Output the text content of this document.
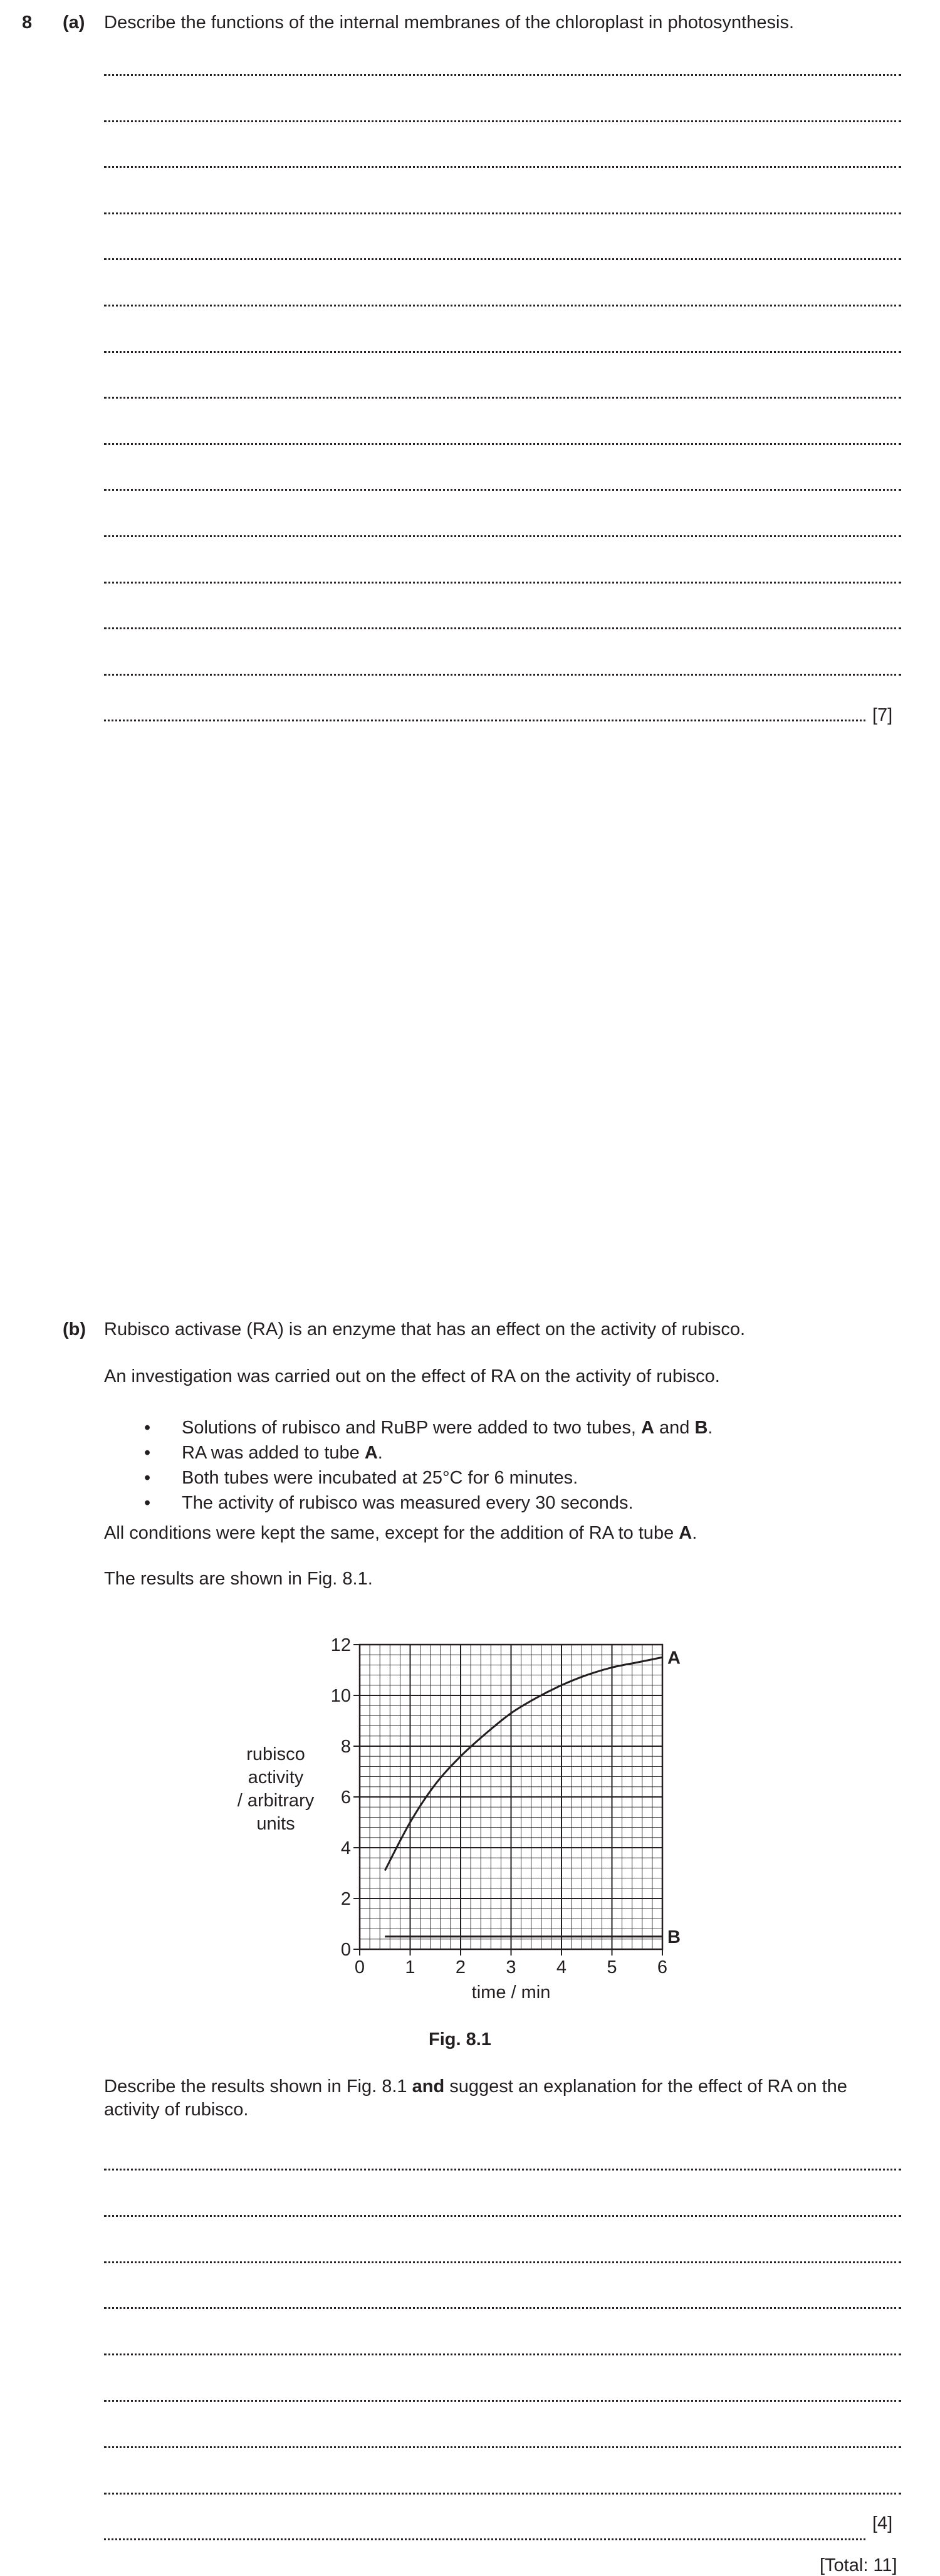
8 (a) Describe the functions of the internal membranes of the chloroplast in photosynthesis.
[7]
(b) Rubisco activase (RA) is an enzyme that has an effect on the activity of rubisco.
An investigation was carried out on the effect of RA on the activity of rubisco.
• Solutions of rubisco and RuBP were added to two tubes, A and B.
• RA was added to tube A.
• Both tubes were incubated at 25°C for 6 minutes.
• The activity of rubisco was measured every 30 seconds.
All conditions were kept the same, except for the addition of RA to tube A.
The results are shown in Fig. 8.1.
0 1 2 3 4 5 6
0
2
4
6
8
10
12
time / min
rubisco
activity
/ arbitrary
units
A
B
Fig. 8.1
Describe the results shown in Fig. 8.1 and suggest an explanation for the effect of RA on the
activity of rubisco.
[4]
[Total: 11]
